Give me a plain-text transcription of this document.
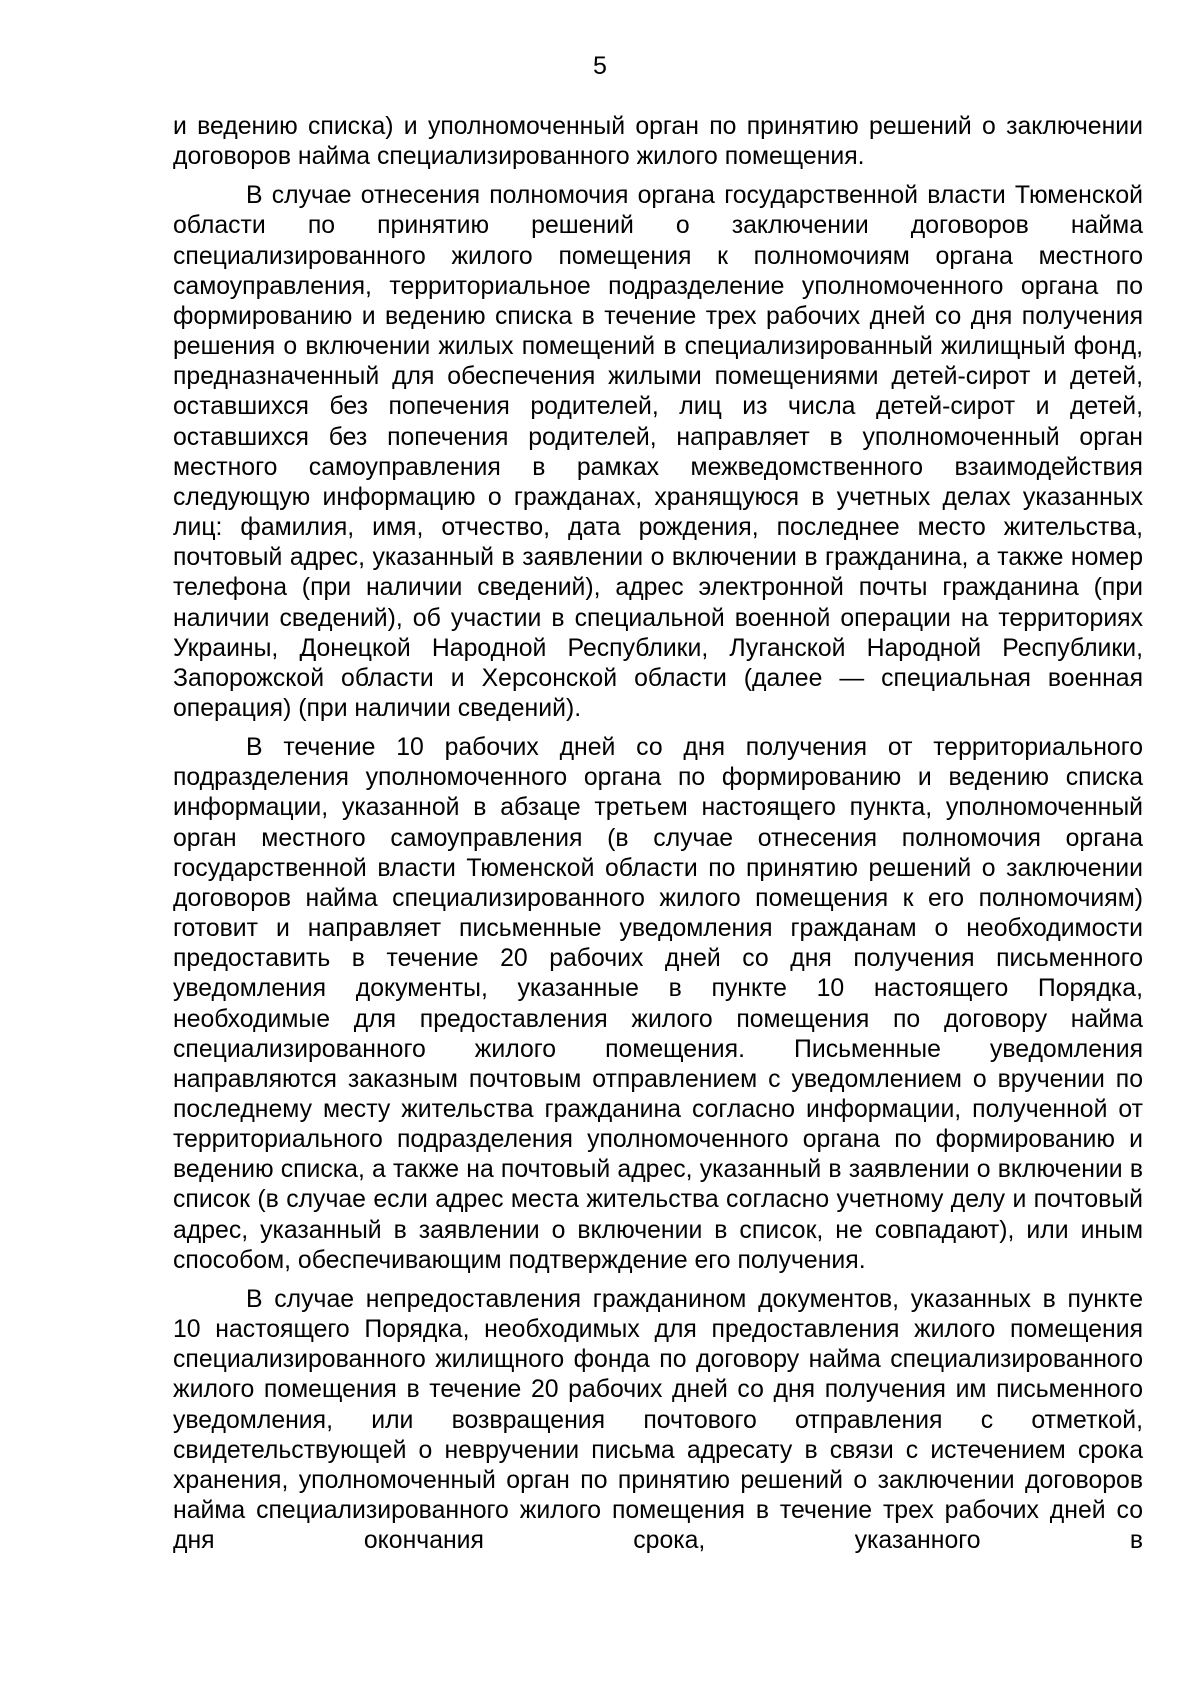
5

и ведению списка) и уполномоченный орган по принятию решений о заключении договоров найма специализированного жилого помещения.

В случае отнесения полномочия органа государственной власти Тюменской области по принятию решений о заключении договоров найма специализированного жилого помещения к полномочиям органа местного самоуправления, территориальное подразделение уполномоченного органа по формированию и ведению списка в течение трех рабочих дней со дня получения решения о включении жилых помещений в специализированный жилищный фонд, предназначенный для обеспечения жилыми помещениями детей-сирот и детей, оставшихся без попечения родителей, лиц из числа детей-сирот и детей, оставшихся без попечения родителей, направляет в уполномоченный орган местного самоуправления в рамках межведомственного взаимодействия следующую информацию о гражданах, хранящуюся в учетных делах указанных лиц: фамилия, имя, отчество, дата рождения, последнее место жительства, почтовый адрес, указанный в заявлении о включении в гражданина, а также номер телефона (при наличии сведений), адрес электронной почты гражданина (при наличии сведений), об участии в специальной военной операции на территориях Украины, Донецкой Народной Республики, Луганской Народной Республики, Запорожской области и Херсонской области (далее — специальная военная операция) (при наличии сведений).

В течение 10 рабочих дней со дня получения от территориального подразделения уполномоченного органа по формированию и ведению списка информации, указанной в абзаце третьем настоящего пункта, уполномоченный орган местного самоуправления (в случае отнесения полномочия органа государственной власти Тюменской области по принятию решений о заключении договоров найма специализированного жилого помещения к его полномочиям) готовит и направляет письменные уведомления гражданам о необходимости предоставить в течение 20 рабочих дней со дня получения письменного уведомления документы, указанные в пункте 10 настоящего Порядка, необходимые для предоставления жилого помещения по договору найма специализированного жилого помещения. Письменные уведомления направляются заказным почтовым отправлением с уведомлением о вручении по последнему месту жительства гражданина согласно информации, полученной от территориального подразделения уполномоченного органа по формированию и ведению списка, а также на почтовый адрес, указанный в заявлении о включении в список (в случае если адрес места жительства согласно учетному делу и почтовый адрес, указанный в заявлении о включении в список, не совпадают), или иным способом, обеспечивающим подтверждение его получения.

В случае непредоставления гражданином документов, указанных в пункте 10 настоящего Порядка, необходимых для предоставления жилого помещения специализированного жилищного фонда по договору найма специализированного жилого помещения в течение 20 рабочих дней со дня получения им письменного уведомления, или возвращения почтового отправления с отметкой, свидетельствующей о невручении письма адресату в связи с истечением срока хранения, уполномоченный орган по принятию решений о заключении договоров найма специализированного жилого помещения в течение трех рабочих дней со дня окончания срока, указанного в
